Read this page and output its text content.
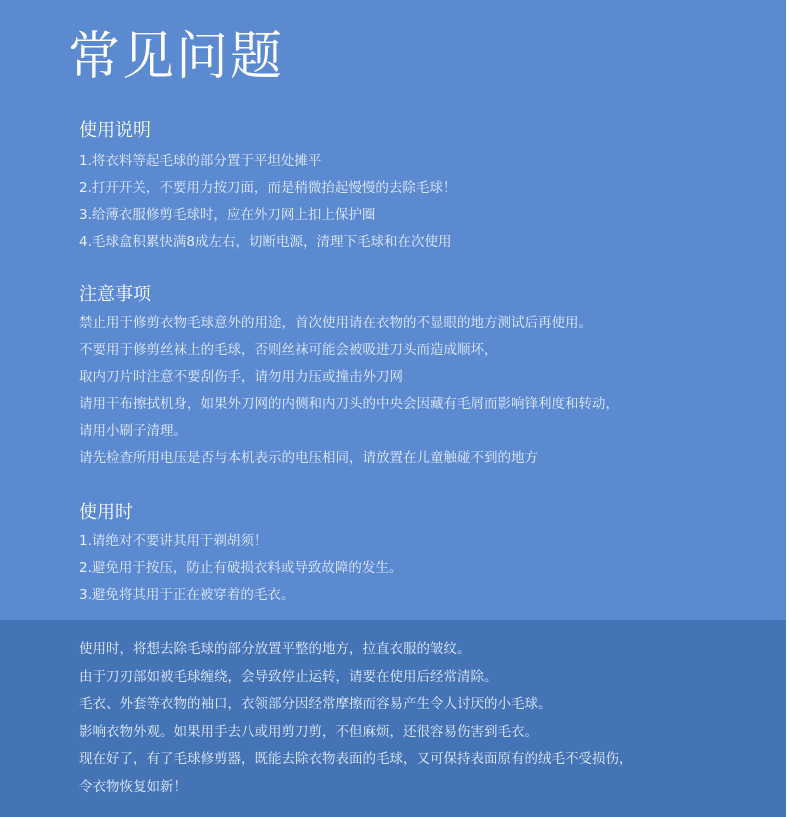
常见问题
使用说明
1.将衣料等起毛球的部分置于平坦处摊平
2.打开开关，不要用力按刀面，而是稍微抬起慢慢的去除毛球！
3.给薄衣服修剪毛球时，应在外刀网上扣上保护圈
4.毛球盒积累快满8成左右，切断电源，清理下毛球和在次使用
注意事项
禁止用于修剪衣物毛球意外的用途，首次使用请在衣物的不显眼的地方测试后再使用。
不要用于修剪丝袜上的毛球，否则丝袜可能会被吸进刀头而造成顺坏，
取内刀片时注意不要刮伤手，请勿用力压或撞击外刀网
请用干布擦拭机身，如果外刀网的内侧和内刀头的中央会因藏有毛屑而影响锋利度和转动，
请用小刷子清理。
请先检查所用电压是否与本机表示的电压相同，请放置在儿童触碰不到的地方
使用时
1.请绝对不要讲其用于剃胡须！
2.避免用于按压，防止有破损衣料或导致故障的发生。
3.避免将其用于正在被穿着的毛衣。
使用时，将想去除毛球的部分放置平整的地方，拉直衣服的皱纹。
由于刀刃部如被毛球缠绕，会导致停止运转，请要在使用后经常清除。
毛衣、外套等衣物的袖口，衣领部分因经常摩擦而容易产生令人讨厌的小毛球。
影响衣物外观。如果用手去八或用剪刀剪，不但麻烦，还很容易伤害到毛衣。
现在好了，有了毛球修剪器，既能去除衣物表面的毛球，又可保持表面原有的绒毛不受损伤，
令衣物恢复如新！
